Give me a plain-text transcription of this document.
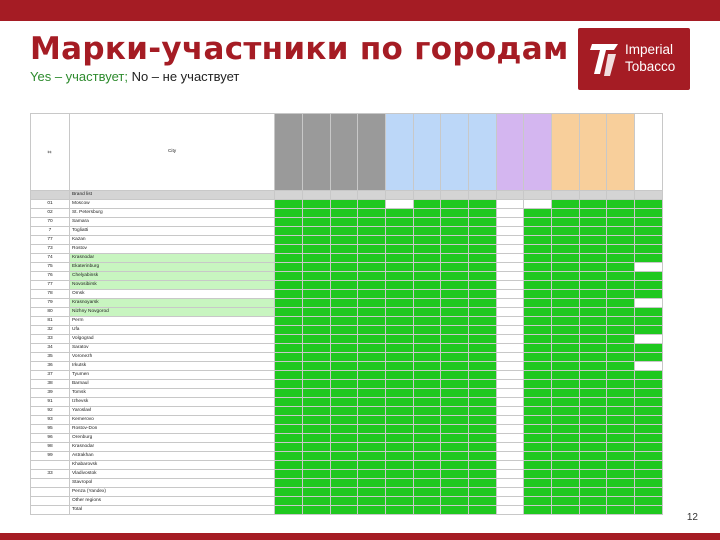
Марки-участники по городам
Yes – участвует; No – не участвует
Imperial
Tobacco
#	City														
	Brand list														
01	Moscow														
02	St. Petersburg														
70	Samara														
7	Togliatti														
77	Kazan														
73	Rostov														
74	Krasnodar														
75	Ekaterinburg														
76	Chelyabinsk														
77	Novosibirsk														
78	Omsk														
79	Krasnoyarsk														
80	Nizhny Novgorod														
81	Perm														
32	Ufa														
33	Volgograd														
34	Saratov														
35	Voronezh														
36	Irkutsk														
37	Tyumen														
38	Barnaul														
39	Tomsk														
91	Izhevsk														
92	Yaroslavl														
93	Kemerovo														
95	Rostov-Don														
96	Orenburg														
98	Krasnodar														
99	Astrakhan														
	Khabarovsk														
33	Vladivostok														
	Stavropol														
	Penza (Yandex)														
	Other regions														
	Total														
12
